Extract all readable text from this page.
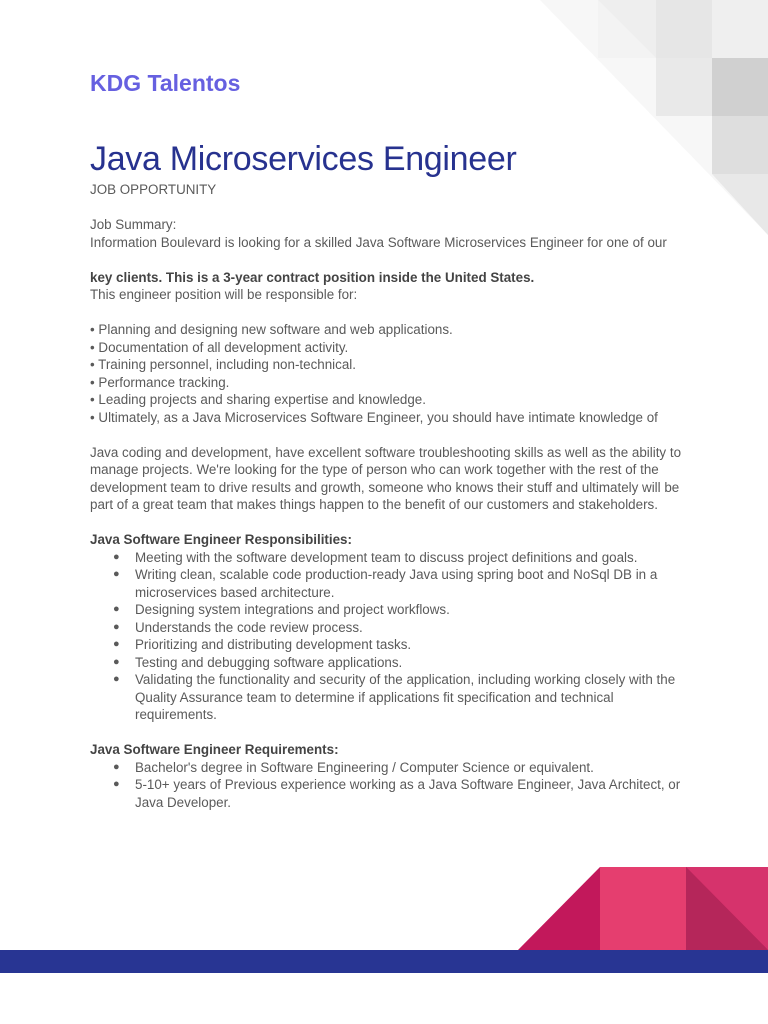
KDG Talentos
Java Microservices Engineer

JOB OPPORTUNITY

Job Summary:

Information Boulevard is looking for a skilled Java Software Microservices Engineer for one of our

key clients. This is a 3-year contract position inside the United States.

This engineer position will be responsible for:

• Planning and designing new software and web applications.

• Documentation of all development activity.

• Training personnel, including non-technical.

• Performance tracking.

• Leading projects and sharing expertise and knowledge.

• Ultimately, as a Java Microservices Software Engineer, you should have intimate knowledge of

Java coding and development, have excellent software troubleshooting skills as well as the ability to manage projects. We're looking for the type of person who can work together with the rest of the development team to drive results and growth, someone who knows their stuff and ultimately will be part of a great team that makes things happen to the benefit of our customers and stakeholders.

Java Software Engineer Responsibilities:

● Meeting with the software development team to discuss project definitions and goals.
● Writing clean, scalable code production-ready Java using spring boot and NoSql DB in a microservices based architecture.
● Designing system integrations and project workflows.
● Understands the code review process.
● Prioritizing and distributing development tasks.
● Testing and debugging software applications.
● Validating the functionality and security of the application, including working closely with the Quality Assurance team to determine if applications fit specification and technical requirements.

Java Software Engineer Requirements:

● Bachelor's degree in Software Engineering / Computer Science or equivalent.
● 5-10+ years of Previous experience working as a Java Software Engineer, Java Architect, or Java Developer.
